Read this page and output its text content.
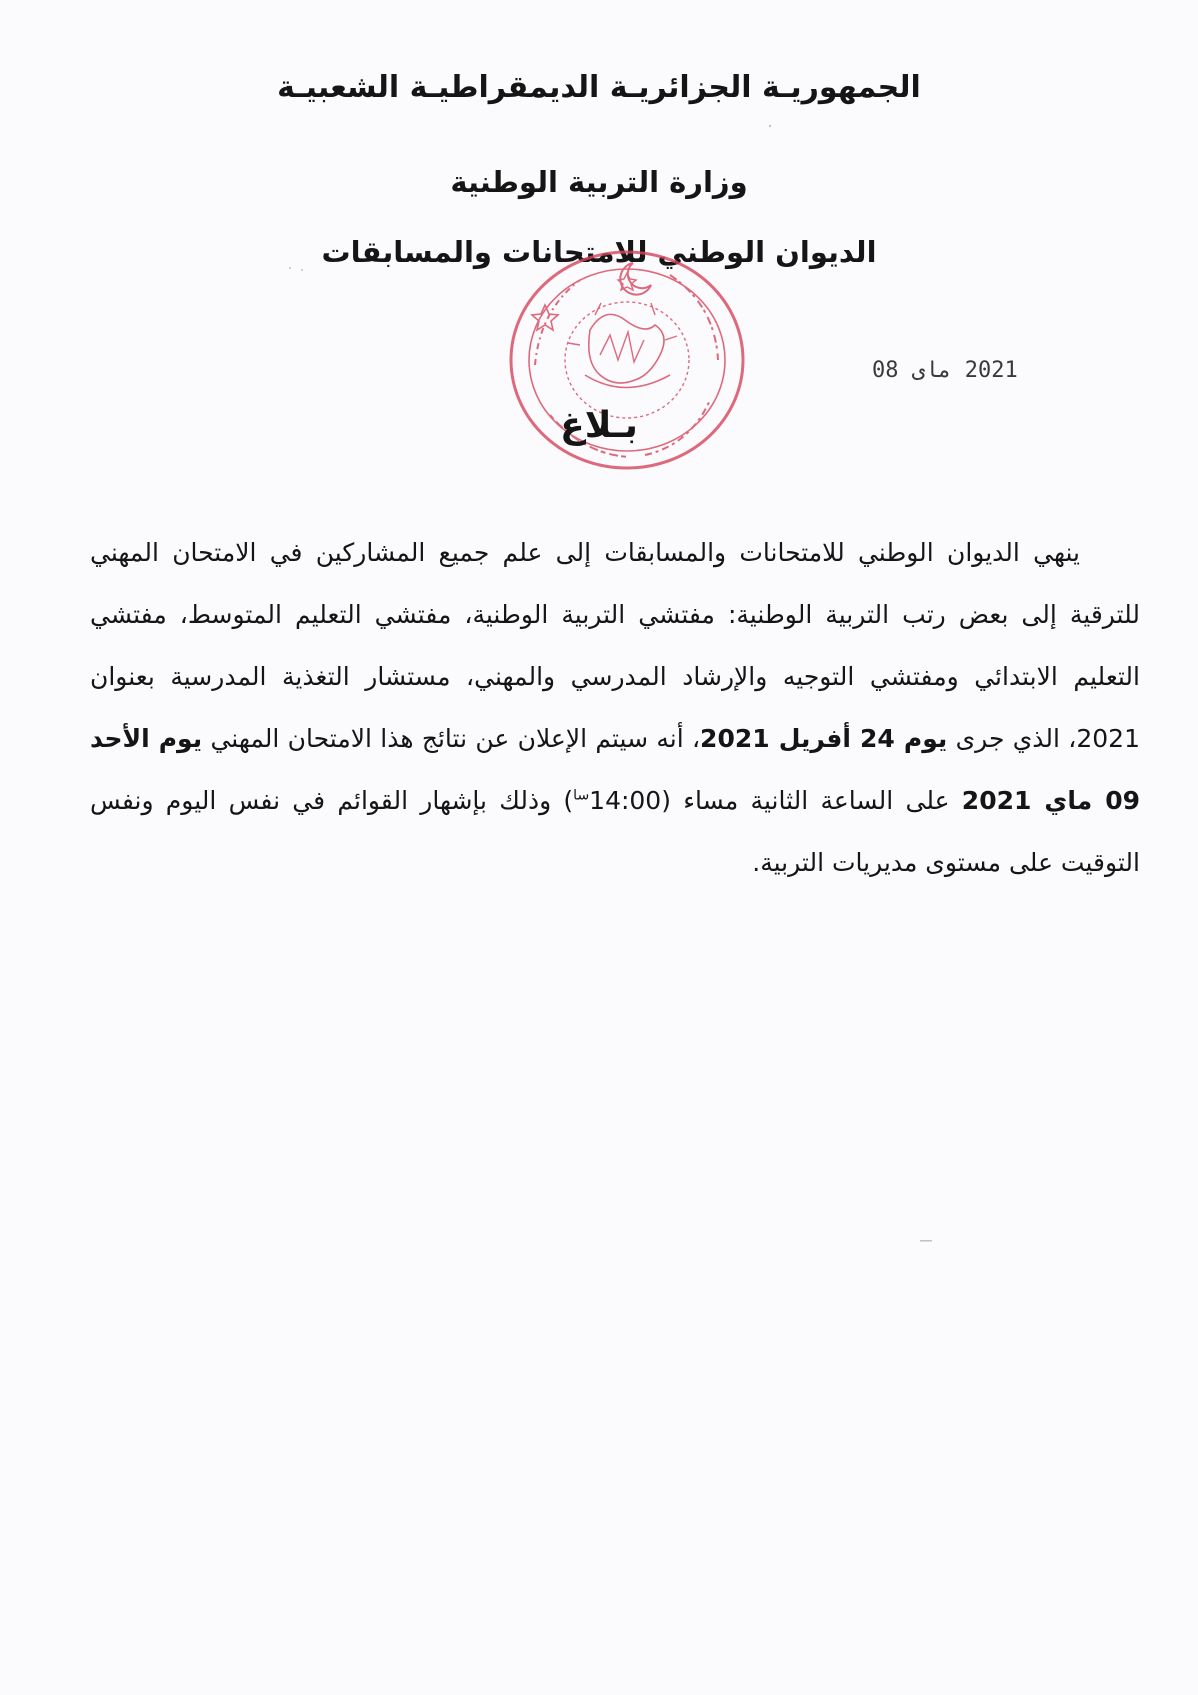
الجمهوريـة الجزائريـة الديمقراطيـة الشعبيـة
وزارة التربية الوطنية
الديوان الوطني للامتحانات والمسابقات
2021 ماى 08
بـلاغ

ينهي الديوان الوطني للامتحانات والمسابقات إلى علم جميع المشاركين في الامتحان المهني للترقية إلى بعض رتب التربية الوطنية: مفتشي التربية الوطنية، مفتشي التعليم المتوسط، مفتشي التعليم الابتدائي ومفتشي التوجيه والإرشاد المدرسي والمهني، مستشار التغذية المدرسية بعنوان 2021، الذي جرى يوم 24 أفريل 2021، أنه سيتم الإعلان عن نتائج هذا الامتحان المهني يوم الأحد 09 ماي 2021 على الساعة الثانية مساء $(14:00^{سا})$ وذلك بإشهار القوائم في نفس اليوم ونفس التوقيت على مستوى مديريات التربية.
